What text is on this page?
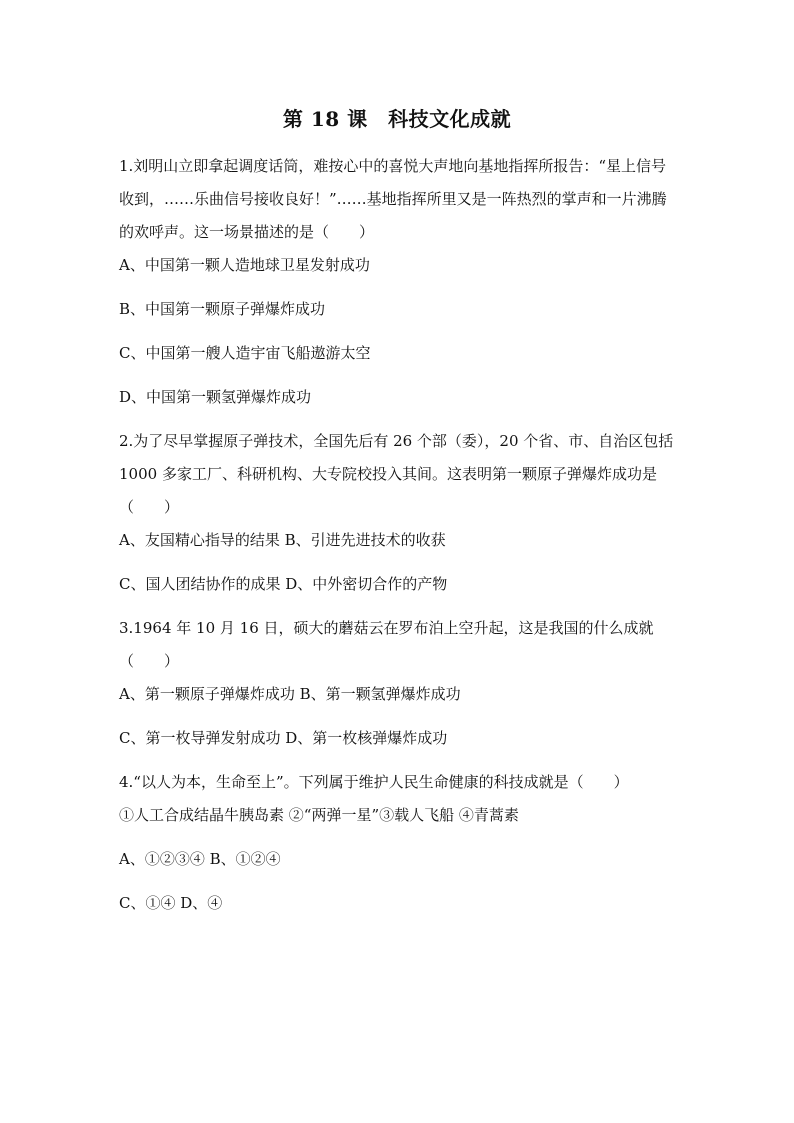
第 18 课　科技文化成就
1.刘明山立即拿起调度话筒，难按心中的喜悦大声地向基地指挥所报告：“星上信号收到，……乐曲信号接收良好！”……基地指挥所里又是一阵热烈的掌声和一片沸腾的欢呼声。这一场景描述的是（　　）
A、中国第一颗人造地球卫星发射成功
B、中国第一颗原子弹爆炸成功
C、中国第一艘人造宇宙飞船遨游太空
D、中国第一颗氢弹爆炸成功
2.为了尽早掌握原子弹技术，全国先后有 26 个部（委），20 个省、市、自治区包括 1000 多家工厂、科研机构、大专院校投入其间。这表明第一颗原子弹爆炸成功是（　　）
A、友国精心指导的结果 B、引进先进技术的收获
C、国人团结协作的成果 D、中外密切合作的产物
3.1964 年 10 月 16 日，硕大的蘑菇云在罗布泊上空升起，这是我国的什么成就（　　）
A、第一颗原子弹爆炸成功 B、第一颗氢弹爆炸成功
C、第一枚导弹发射成功 D、第一枚核弹爆炸成功
4.“以人为本，生命至上”。下列属于维护人民生命健康的科技成就是（　　）
①人工合成结晶牛胰岛素 ②“两弹一星”③载人飞船 ④青蒿素
A、①②③④ B、①②④
C、①④ D、④
